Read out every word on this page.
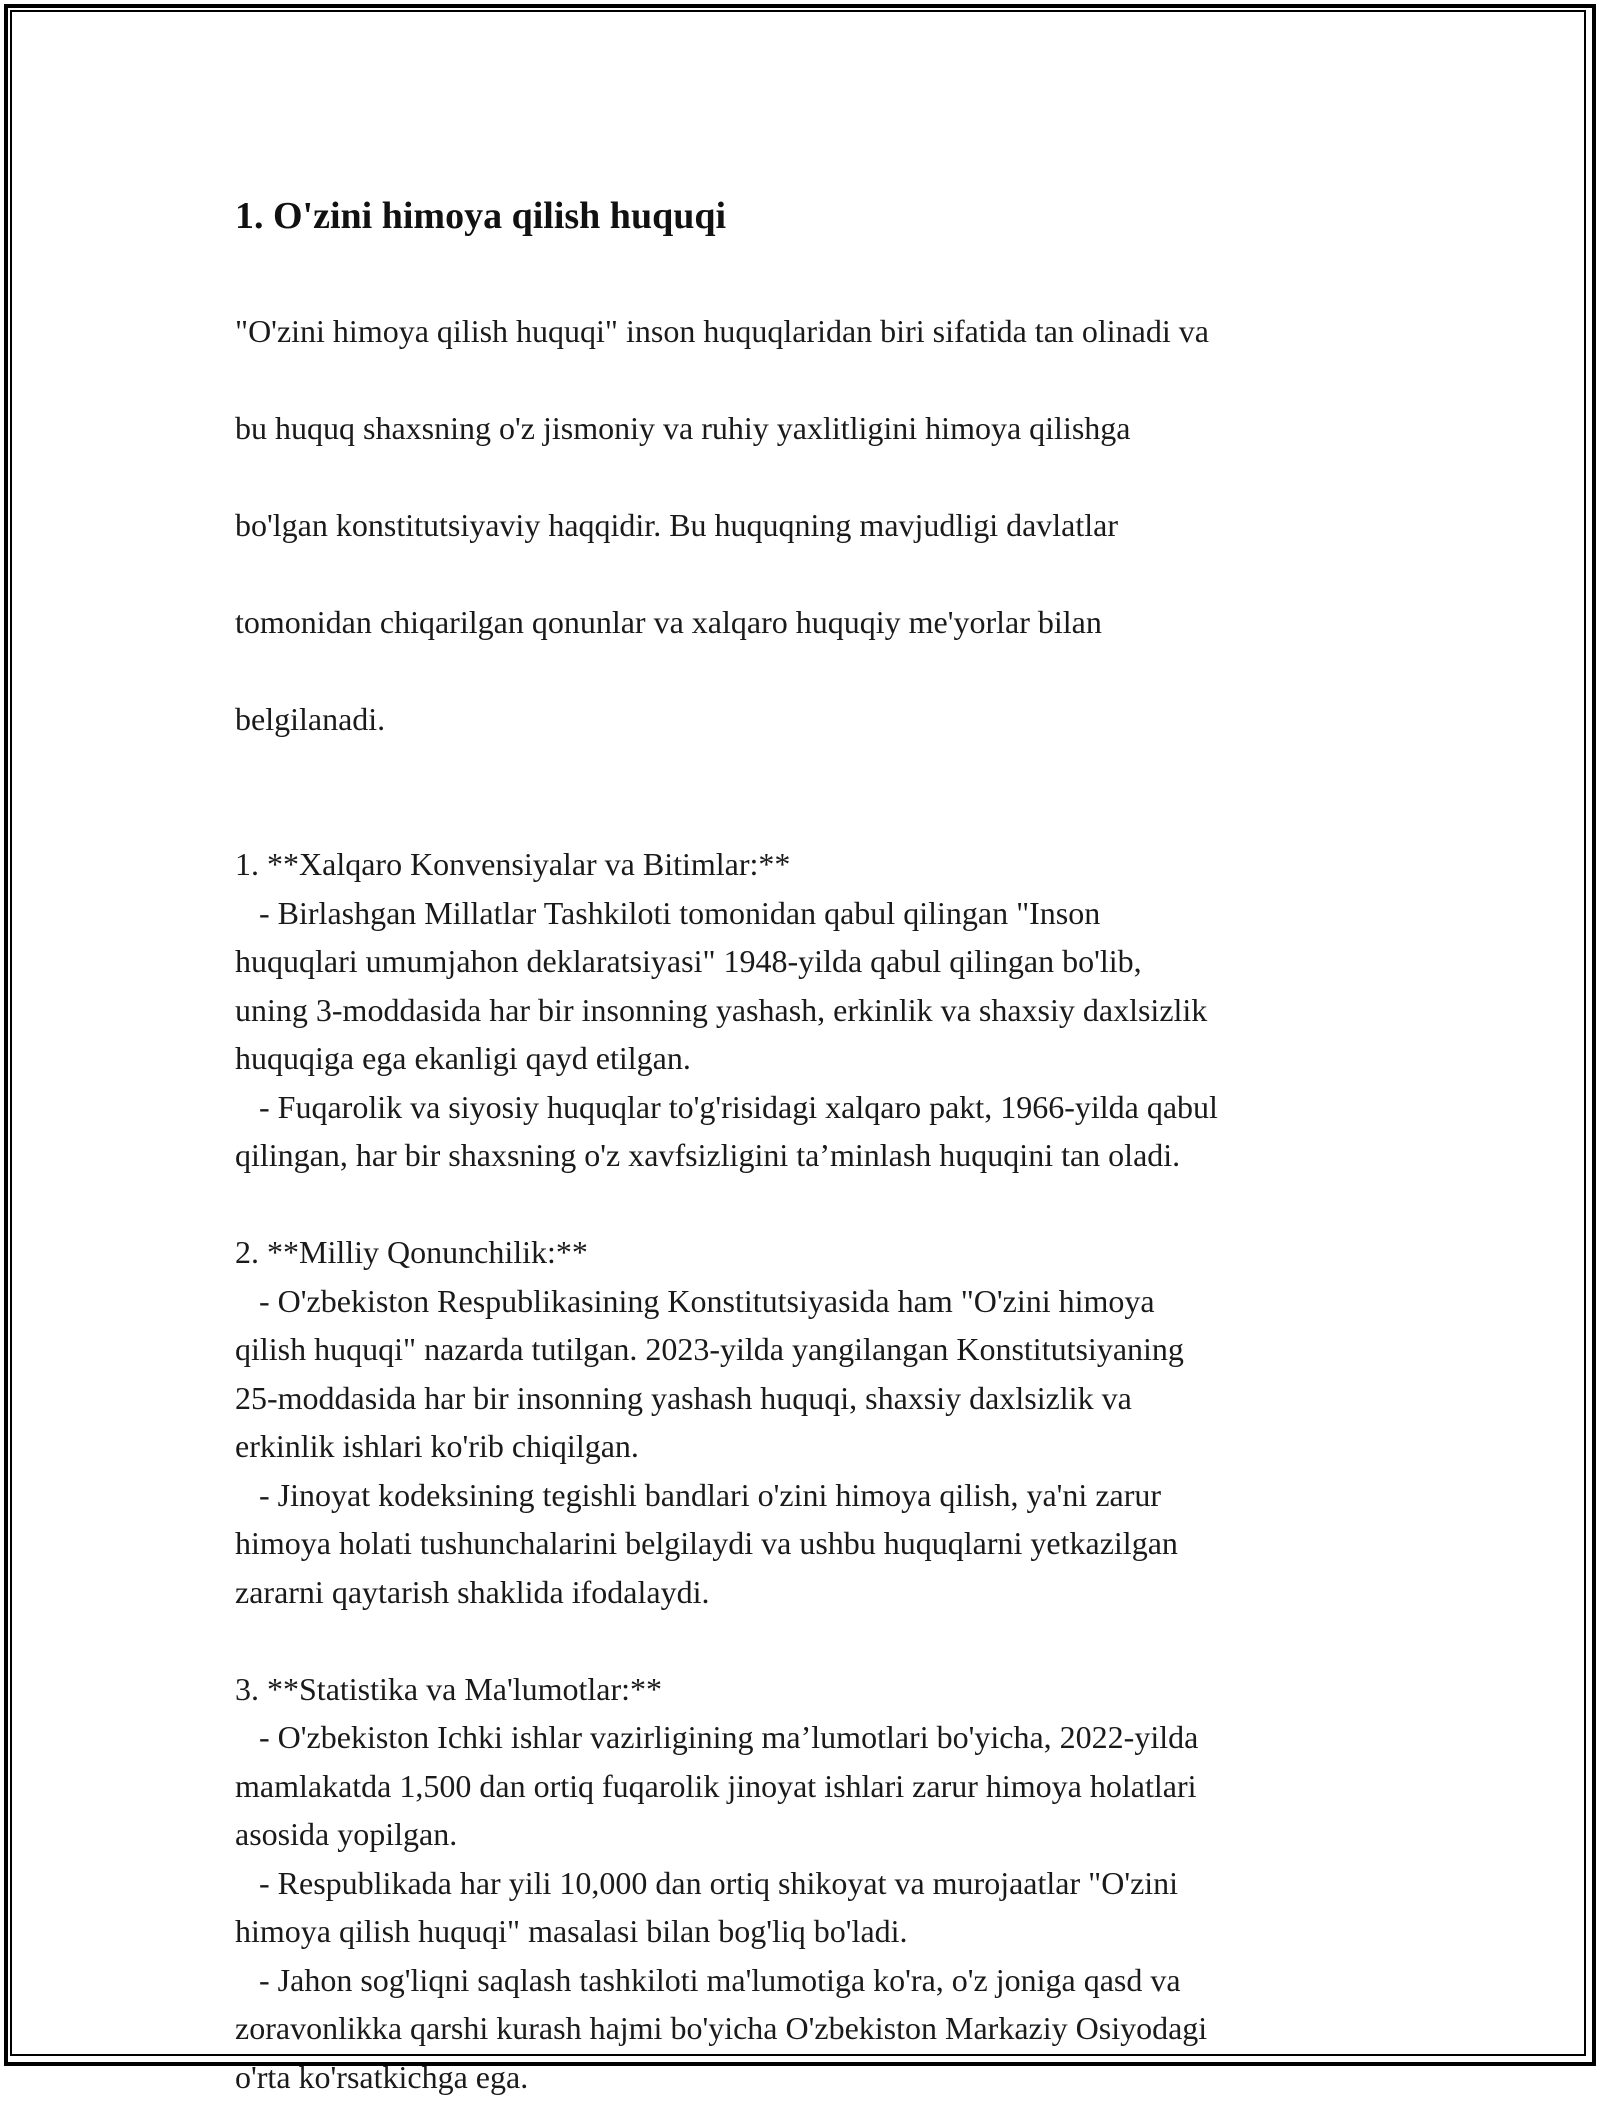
1. O'zini himoya qilish huquqi

"O'zini himoya qilish huquqi" inson huquqlaridan biri sifatida tan olinadi va

bu huquq shaxsning o'z jismoniy va ruhiy yaxlitligini himoya qilishga

bo'lgan konstitutsiyaviy haqqidir. Bu huquqning mavjudligi davlatlar

tomonidan chiqarilgan qonunlar va xalqaro huquqiy me'yorlar bilan

belgilanadi.

1. **Xalqaro Konvensiyalar va Bitimlar:**
- Birlashgan Millatlar Tashkiloti tomonidan qabul qilingan "Inson
huquqlari umumjahon deklaratsiyasi" 1948-yilda qabul qilingan bo'lib,
uning 3-moddasida har bir insonning yashash, erkinlik va shaxsiy daxlsizlik
huquqiga ega ekanligi qayd etilgan.
- Fuqarolik va siyosiy huquqlar to'g'risidagi xalqaro pakt, 1966-yilda qabul
qilingan, har bir shaxsning o'z xavfsizligini ta’minlash huquqini tan oladi.
2. **Milliy Qonunchilik:**
- O'zbekiston Respublikasining Konstitutsiyasida ham "O'zini himoya
qilish huquqi" nazarda tutilgan. 2023-yilda yangilangan Konstitutsiyaning
25-moddasida har bir insonning yashash huquqi, shaxsiy daxlsizlik va
erkinlik ishlari ko'rib chiqilgan.
- Jinoyat kodeksining tegishli bandlari o'zini himoya qilish, ya'ni zarur
himoya holati tushunchalarini belgilaydi va ushbu huquqlarni yetkazilgan
zararni qaytarish shaklida ifodalaydi.
3. **Statistika va Ma'lumotlar:**
- O'zbekiston Ichki ishlar vazirligining ma’lumotlari bo'yicha, 2022-yilda
mamlakatda 1,500 dan ortiq fuqarolik jinoyat ishlari zarur himoya holatlari
asosida yopilgan.
- Respublikada har yili 10,000 dan ortiq shikoyat va murojaatlar "O'zini
himoya qilish huquqi" masalasi bilan bog'liq bo'ladi.
- Jahon sog'liqni saqlash tashkiloti ma'lumotiga ko'ra, o'z joniga qasd va
zoravonlikka qarshi kurash hajmi bo'yicha O'zbekiston Markaziy Osiyodagi
o'rta ko'rsatkichga ega.
